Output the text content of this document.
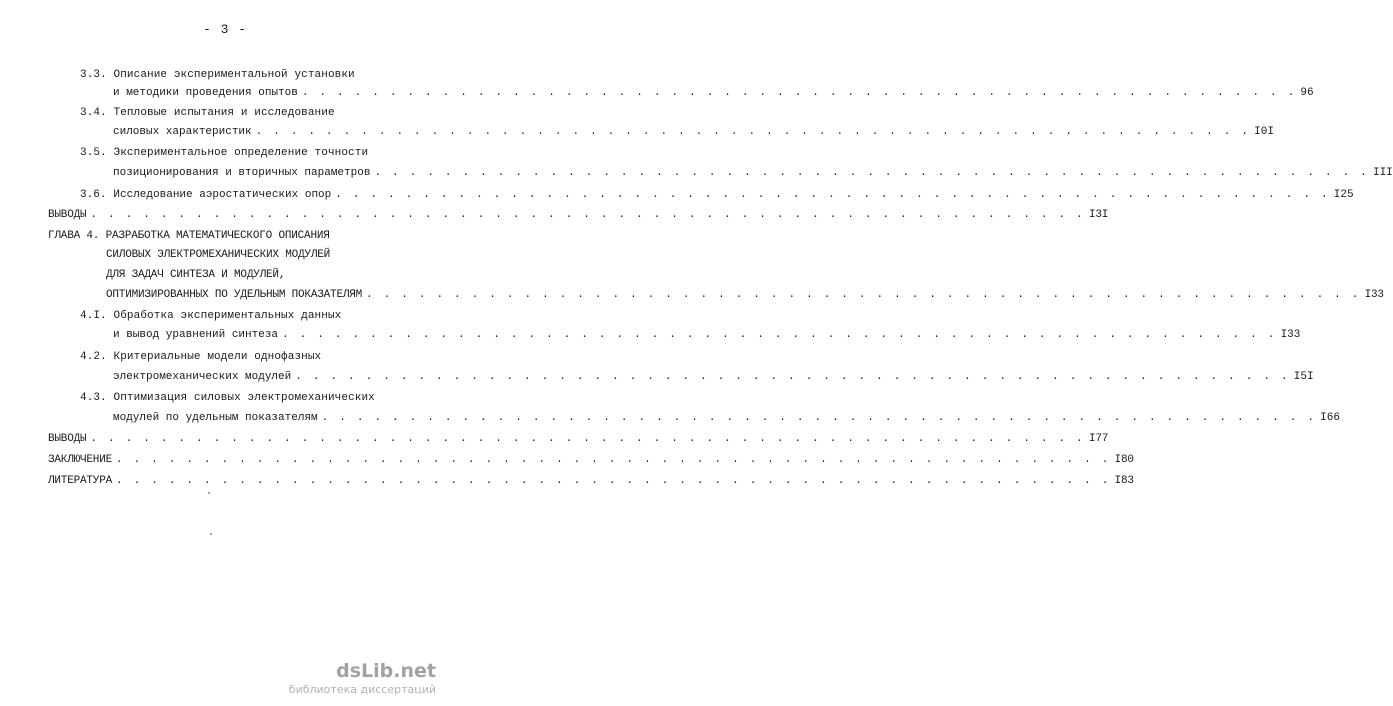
- 3 -
3.3. Описание экспериментальной установки
и методики проведения опытов . . . . . . . . . . . . . . . . . . . . . . . . . . . . . . . . . . . . . . . . . . . . . . . . . . . . . . . . . 96
3.4. Тепловые испытания и исследование
силовых характеристик . . . . . . . . . . . . . . . . . . . . . . . . . . . . . . . . . . . . . . . . . . . . . . . . . . . . . . . . . I0I
3.5. Экспериментальное определение точности
позиционирования и вторичных параметров . . . . . . . . . . . . . . . . . . . . . . . . . . . . . . . . . . . . . . . . . . . . . . . . . . . . . . . . . III
3.6. Исследование аэростатических опор . . . . . . . . . . . . . . . . . . . . . . . . . . . . . . . . . . . . . . . . . . . . . . . . . . . . . . . . . I25
ВЫВОДЫ . . . . . . . . . . . . . . . . . . . . . . . . . . . . . . . . . . . . . . . . . . . . . . . . . . . . . . . . . I3I
ГЛАВА 4. РАЗРАБОТКА МАТЕМАТИЧЕСКОГО ОПИСАНИЯ
СИЛОВЫХ ЭЛЕКТРОМЕХАНИЧЕСКИХ МОДУЛЕЙ
ДЛЯ ЗАДАЧ СИНТЕЗА И МОДУЛЕЙ,
ОПТИМИЗИРОВАННЫХ ПО УДЕЛЬНЫМ ПОКАЗАТЕЛЯМ . . . . . . . . . . . . . . . . . . . . . . . . . . . . . . . . . . . . . . . . . . . . . . . . . . . . . . . . . I33
4.I. Обработка экспериментальных данных
и вывод уравнений синтеза . . . . . . . . . . . . . . . . . . . . . . . . . . . . . . . . . . . . . . . . . . . . . . . . . . . . . . . . . I33
4.2. Критериальные модели однофазных
электромеханических модулей . . . . . . . . . . . . . . . . . . . . . . . . . . . . . . . . . . . . . . . . . . . . . . . . . . . . . . . . . I5I
4.3. Оптимизация силовых электромеханических
модулей по удельным показателям . . . . . . . . . . . . . . . . . . . . . . . . . . . . . . . . . . . . . . . . . . . . . . . . . . . . . . . . . I66
ВЫВОДЫ . . . . . . . . . . . . . . . . . . . . . . . . . . . . . . . . . . . . . . . . . . . . . . . . . . . . . . . . . I77
ЗАКЛЮЧЕНИЕ . . . . . . . . . . . . . . . . . . . . . . . . . . . . . . . . . . . . . . . . . . . . . . . . . . . . . . . . . I80
ЛИТЕРАТУРА . . . . . . . . . . . . . . . . . . . . . . . . . . . . . . . . . . . . . . . . . . . . . . . . . . . . . . . . . I83
dsLib.net
библиотека диссертаций
